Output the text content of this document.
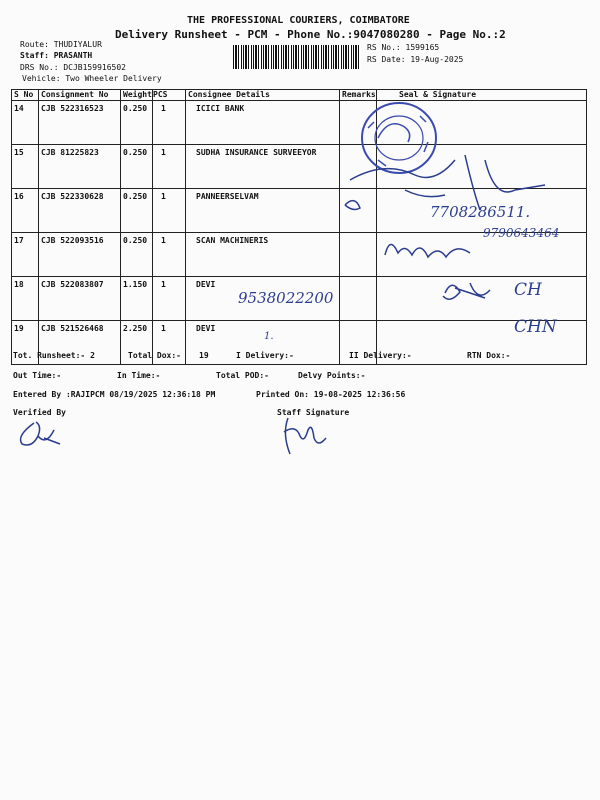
THE PROFESSIONAL COURIERS, COIMBATORE
Delivery Runsheet - PCM - Phone No.:9047080280 - Page No.:2
Route: THUDIYALUR
Staff: PRASANTH
DRS No.: DCJB159916502
Vehicle: Two Wheeler Delivery
RS No.: 1599165
RS Date: 19-Aug-2025
S No	Consignment No	Weight	PCS	Consignee Details	Remarks	Seal & Signature
14	CJB 522316523	0.250	1	ICICI BANK		
15	CJB 81225823	0.250	1	SUDHA INSURANCE SURVEEYOR		
16	CJB 522330628	0.250	1	PANNEERSELVAM		
17	CJB 522093516	0.250	1	SCAN MACHINERIS		
18	CJB 522083807	1.150	1	DEVI		
19	CJB 521526468	2.250	1	DEVI		
7708286511.
9790643464
CH
CHN
9538022200
1.
Tot. Runsheet:- 2	Total Dox:- 19	I Delivery:-	II Delivery:-	RTN Dox:-
Out Time:-	In Time:-	Total POD:-	Delvy Points:-
Entered By :RAJIPCM 08/19/2025 12:36:18 PM	Printed On: 19-08-2025 12:36:56
Verified By	Staff Signature
